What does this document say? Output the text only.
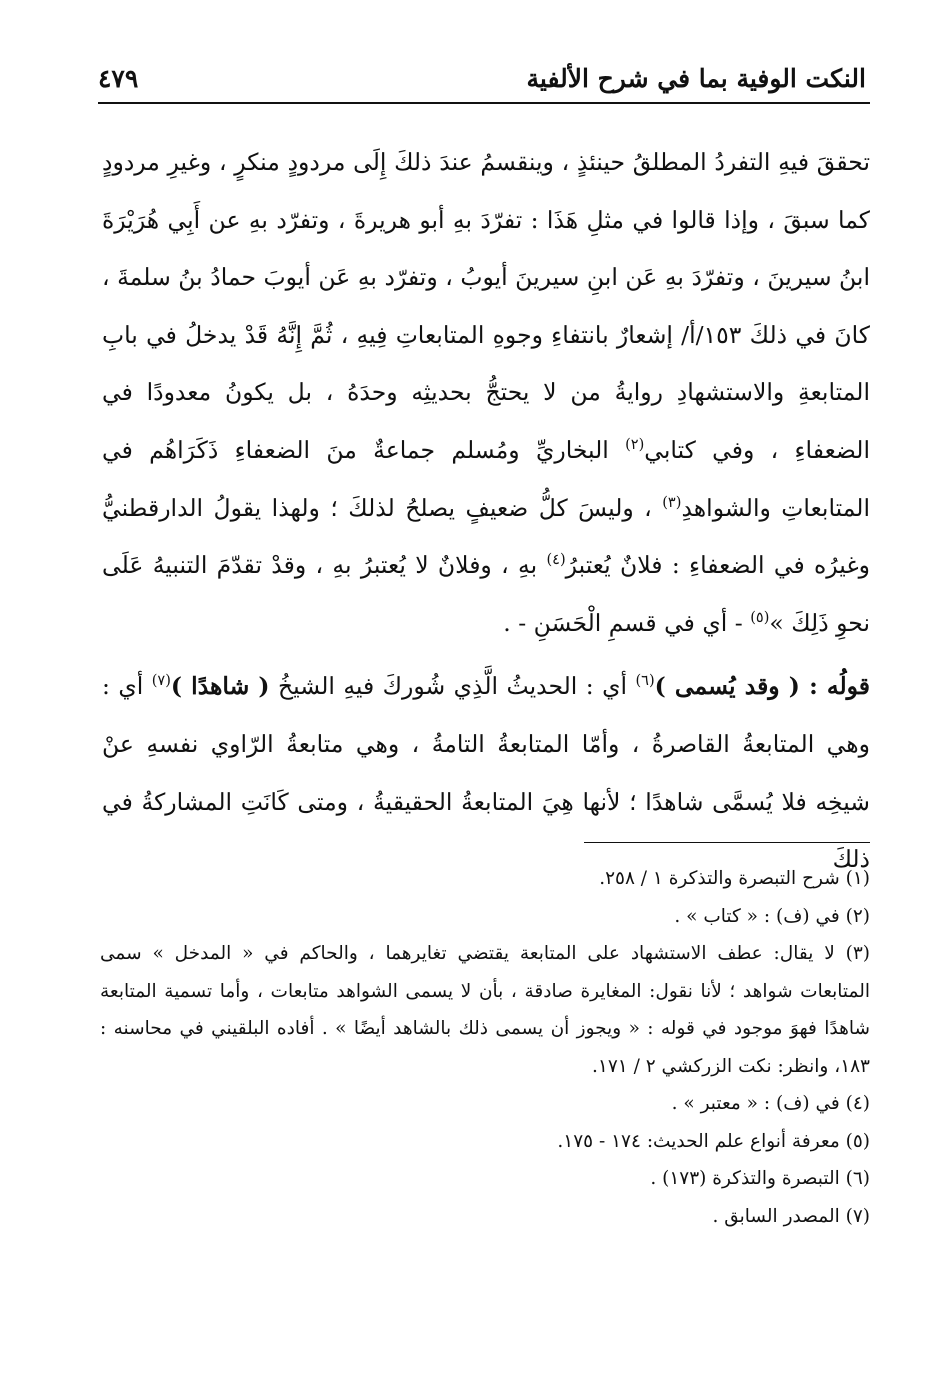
النكت الوفية بما في شرح الألفية
٤٧٩

تحققَ فيهِ التفردُ المطلقُ حينئذٍ ، وينقسمُ عندَ ذلكَ إِلَى مردودٍ منكرٍ ، وغيرِ مردودٍ كما سبقَ ، وإذا قالوا في مثلِ هَذَا : تفرّدَ بهِ أبو هريرةَ ، وتفرّد بهِ عن أَبِي هُرَيْرَةَ ابنُ سيرينَ ، وتفرّدَ بهِ عَن ابنِ سيرينَ أيوبُ ، وتفرّد بهِ عَن أيوبَ حمادُ بنُ سلمةَ ، كانَ في ذلكَ ١٥٣/أ/ إشعارٌ بانتفاءِ وجوهِ المتابعاتِ فِيهِ ، ثُمَّ إِنَّهُ قَدْ يدخلُ في بابِ المتابعةِ والاستشهادِ روايةُ من لا يحتجُّ بحديثِه وحدَهُ ، بل يكونُ معدودًا في الضعفاءِ ، وفي كتابي$^{(٢)}$ البخاريِّ ومُسلم جماعةٌ منَ الضعفاءِ ذَكَرَاهُم في المتابعاتِ والشواهدِ$^{(٣)}$ ، وليسَ كلُّ ضعيفٍ يصلحُ لذلكَ ؛ ولهذا يقولُ الدارقطنيُّ وغيرُه في الضعفاءِ : فلانٌ يُعتبرُ$^{(٤)}$ بهِ ، وفلانٌ لا يُعتبرُ بهِ ، وقدْ تقدّمَ التنبيهُ عَلَى نحوِ ذَلِكَ »$^{(٥)}$ - أي في قسمِ الْحَسَنِ - .

قولُه : ( وقد يُسمى )$^{(٦)}$ أي : الحديثُ الَّذِي شُوركَ فيهِ الشيخُ ( شاهدًا )$^{(٧)}$ أي : وهي المتابعةُ القاصرةُ ، وأمّا المتابعةُ التامةُ ، وهي متابعةُ الرّاوي نفسهِ عنْ شيخِه فلا يُسمَّى شاهدًا ؛ لأنها هِيَ المتابعةُ الحقيقيةُ ، ومتى كَانَتِ المشاركةُ في ذلكَ

(١) شرح التبصرة والتذكرة ١ / ٢٥٨.

(٢) في (ف) : « كتاب » .

(٣) لا يقال: عطف الاستشهاد على المتابعة يقتضي تغايرهما ، والحاكم في « المدخل » سمى المتابعات شواهد ؛ لأنا نقول: المغايرة صادقة ، بأن لا يسمى الشواهد متابعات ، وأما تسمية المتابعة شاهدًا فهوَ موجود في قوله : « ويجوز أن يسمى ذلك بالشاهد أيضًا » . أفاده البلقيني في محاسنه : ١٨٣، وانظر: نكت الزركشي ٢ / ١٧١.

(٤) في (ف) : « معتبر » .

(٥) معرفة أنواع علم الحديث: ١٧٤ - ١٧٥.

(٦) التبصرة والتذكرة (١٧٣) .

(٧) المصدر السابق .
